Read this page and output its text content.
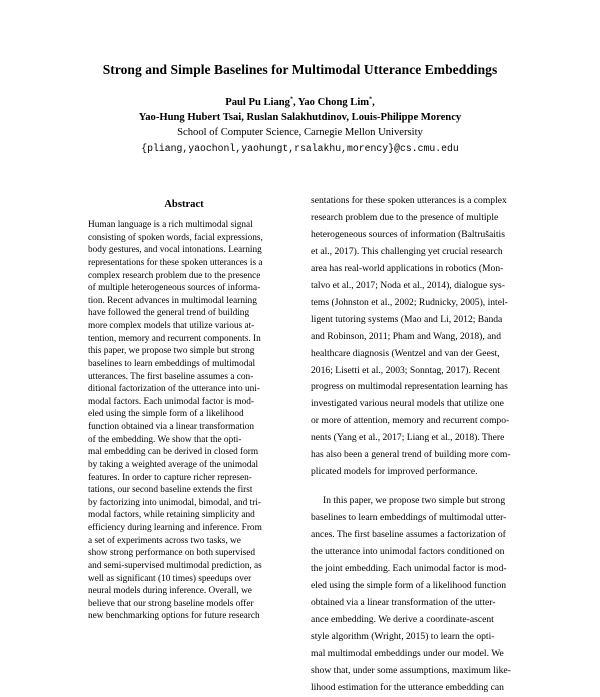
Strong and Simple Baselines for Multimodal Utterance Embeddings
Paul Pu Liang*, Yao Chong Lim*,
Yao-Hung Hubert Tsai, Ruslan Salakhutdinov, Louis-Philippe Morency
School of Computer Science, Carnegie Mellon University
{pliang,yaochonl,yaohungt,rsalakhu,morency}@cs.cmu.edu
Abstract
Human language is a rich multimodal signal
consisting of spoken words, facial expressions,
body gestures, and vocal intonations. Learning
representations for these spoken utterances is a
complex research problem due to the presence
of multiple heterogeneous sources of informa-
tion. Recent advances in multimodal learning
have followed the general trend of building
more complex models that utilize various at-
tention, memory and recurrent components. In
this paper, we propose two simple but strong
baselines to learn embeddings of multimodal
utterances. The first baseline assumes a con-
ditional factorization of the utterance into uni-
modal factors. Each unimodal factor is mod-
eled using the simple form of a likelihood
function obtained via a linear transformation
of the embedding. We show that the opti-
mal embedding can be derived in closed form
by taking a weighted average of the unimodal
features. In order to capture richer represen-
tations, our second baseline extends the first
by factorizing into unimodal, bimodal, and tri-
modal factors, while retaining simplicity and
efficiency during learning and inference. From
a set of experiments across two tasks, we
show strong performance on both supervised
and semi-supervised multimodal prediction, as
well as significant (10 times) speedups over
neural models during inference. Overall, we
believe that our strong baseline models offer
new benchmarking options for future research
sentations for these spoken utterances is a complex
research problem due to the presence of multiple
heterogeneous sources of information (Baltrušaitis
et al., 2017). This challenging yet crucial research
area has real-world applications in robotics (Mon-
talvo et al., 2017; Noda et al., 2014), dialogue sys-
tems (Johnston et al., 2002; Rudnicky, 2005), intel-
ligent tutoring systems (Mao and Li, 2012; Banda
and Robinson, 2011; Pham and Wang, 2018), and
healthcare diagnosis (Wentzel and van der Geest,
2016; Lisetti et al., 2003; Sonntag, 2017). Recent
progress on multimodal representation learning has
investigated various neural models that utilize one
or more of attention, memory and recurrent compo-
nents (Yang et al., 2017; Liang et al., 2018). There
has also been a general trend of building more com-
plicated models for improved performance.
In this paper, we propose two simple but strong
baselines to learn embeddings of multimodal utter-
ances. The first baseline assumes a factorization of
the utterance into unimodal factors conditioned on
the joint embedding. Each unimodal factor is mod-
eled using the simple form of a likelihood function
obtained via a linear transformation of the utter-
ance embedding. We derive a coordinate-ascent
style algorithm (Wright, 2015) to learn the opti-
mal multimodal embeddings under our model. We
show that, under some assumptions, maximum like-
lihood estimation for the utterance embedding can
